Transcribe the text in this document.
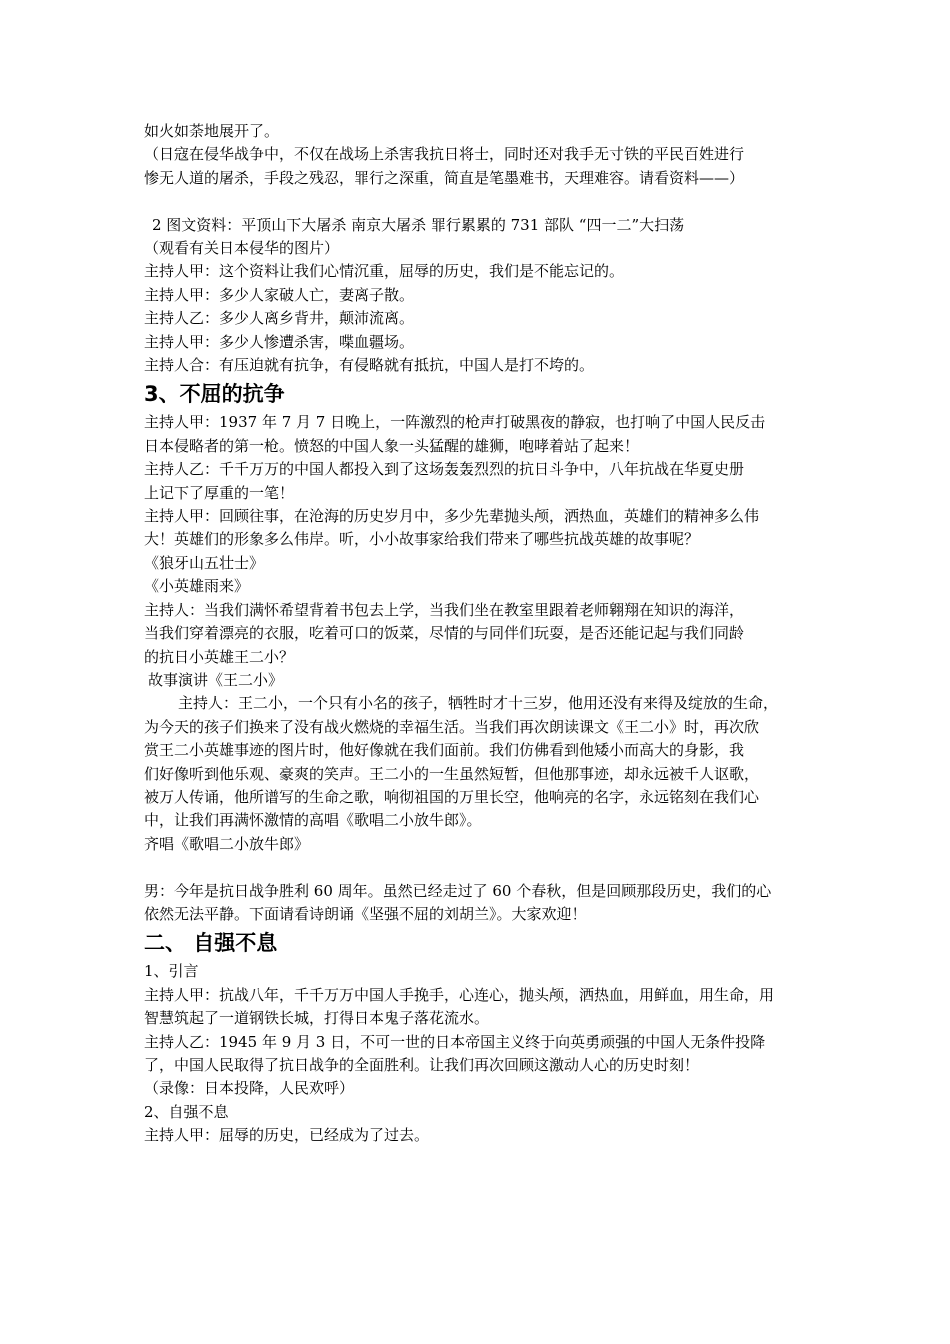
如火如荼地展开了。

（日寇在侵华战争中，不仅在战场上杀害我抗日将士，同时还对我手无寸铁的平民百姓进行

惨无人道的屠杀，手段之残忍，罪行之深重，简直是笔墨难书，天理难容。请看资料——）

2 图文资料：平顶山下大屠杀 南京大屠杀 罪行累累的 731 部队 “四一二”大扫荡

（观看有关日本侵华的图片）

主持人甲：这个资料让我们心情沉重，屈辱的历史，我们是不能忘记的。

主持人甲：多少人家破人亡，妻离子散。

主持人乙：多少人离乡背井，颠沛流离。

主持人甲：多少人惨遭杀害，喋血疆场。

主持人合：有压迫就有抗争，有侵略就有抵抗，中国人是打不垮的。

3、不屈的抗争

主持人甲：1937 年 7 月 7 日晚上，一阵激烈的枪声打破黑夜的静寂，也打响了中国人民反击

日本侵略者的第一枪。愤怒的中国人象一头猛醒的雄狮，咆哮着站了起来！

主持人乙：千千万万的中国人都投入到了这场轰轰烈烈的抗日斗争中，八年抗战在华夏史册

上记下了厚重的一笔！

主持人甲：回顾往事，在沧海的历史岁月中，多少先辈抛头颅，洒热血，英雄们的精神多么伟

大！英雄们的形象多么伟岸。听，小小故事家给我们带来了哪些抗战英雄的故事呢？

《狼牙山五壮士》

《小英雄雨来》

主持人：当我们满怀希望背着书包去上学，当我们坐在教室里跟着老师翱翔在知识的海洋，

当我们穿着漂亮的衣服，吃着可口的饭菜，尽情的与同伴们玩耍，是否还能记起与我们同龄

的抗日小英雄王二小？

故事演讲《王二小》

主持人：王二小，一个只有小名的孩子，牺牲时才十三岁，他用还没有来得及绽放的生命，

为今天的孩子们换来了没有战火燃烧的幸福生活。当我们再次朗读课文《王二小》时，再次欣

赏王二小英雄事迹的图片时，他好像就在我们面前。我们仿佛看到他矮小而高大的身影，我

们好像听到他乐观、豪爽的笑声。王二小的一生虽然短暂，但他那事迹，却永远被千人讴歌，

被万人传诵，他所谱写的生命之歌，响彻祖国的万里长空，他响亮的名字，永远铭刻在我们心

中，让我们再满怀激情的高唱《歌唱二小放牛郎》。

齐唱《歌唱二小放牛郎》

男：今年是抗日战争胜利 60 周年。虽然已经走过了 60 个春秋，但是回顾那段历史，我们的心

依然无法平静。下面请看诗朗诵《坚强不屈的刘胡兰》。大家欢迎！

二、 自强不息

1、引言

主持人甲：抗战八年，千千万万中国人手挽手，心连心，抛头颅，洒热血，用鲜血，用生命，用

智慧筑起了一道钢铁长城，打得日本鬼子落花流水。

主持人乙：1945 年 9 月 3 日，不可一世的日本帝国主义终于向英勇顽强的中国人无条件投降

了，中国人民取得了抗日战争的全面胜利。让我们再次回顾这激动人心的历史时刻！

（录像：日本投降，人民欢呼）

2、自强不息

主持人甲：屈辱的历史，已经成为了过去。
